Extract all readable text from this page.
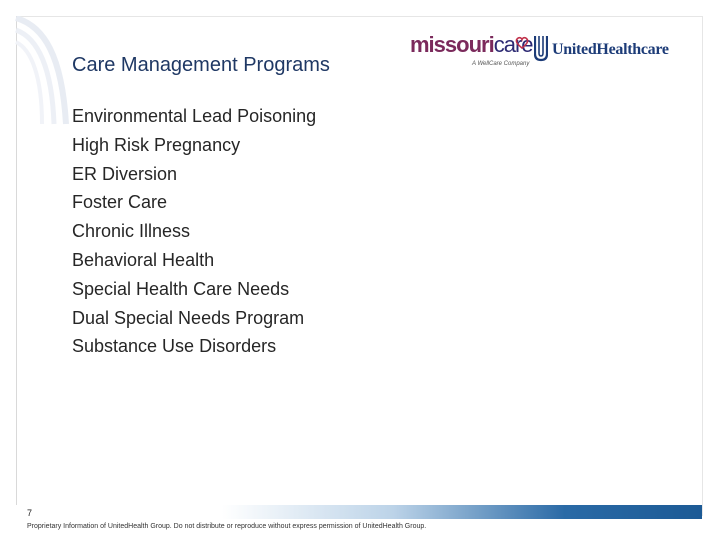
Care Management Programs
missouricare
A WellCare Company
UnitedHealthcare
Environmental Lead Poisoning
High Risk Pregnancy
ER Diversion
Foster Care
Chronic Illness
Behavioral Health
Special Health Care Needs
Dual Special Needs Program
Substance Use Disorders
7
Proprietary Information of UnitedHealth Group. Do not distribute or reproduce without express permission of UnitedHealth Group.
